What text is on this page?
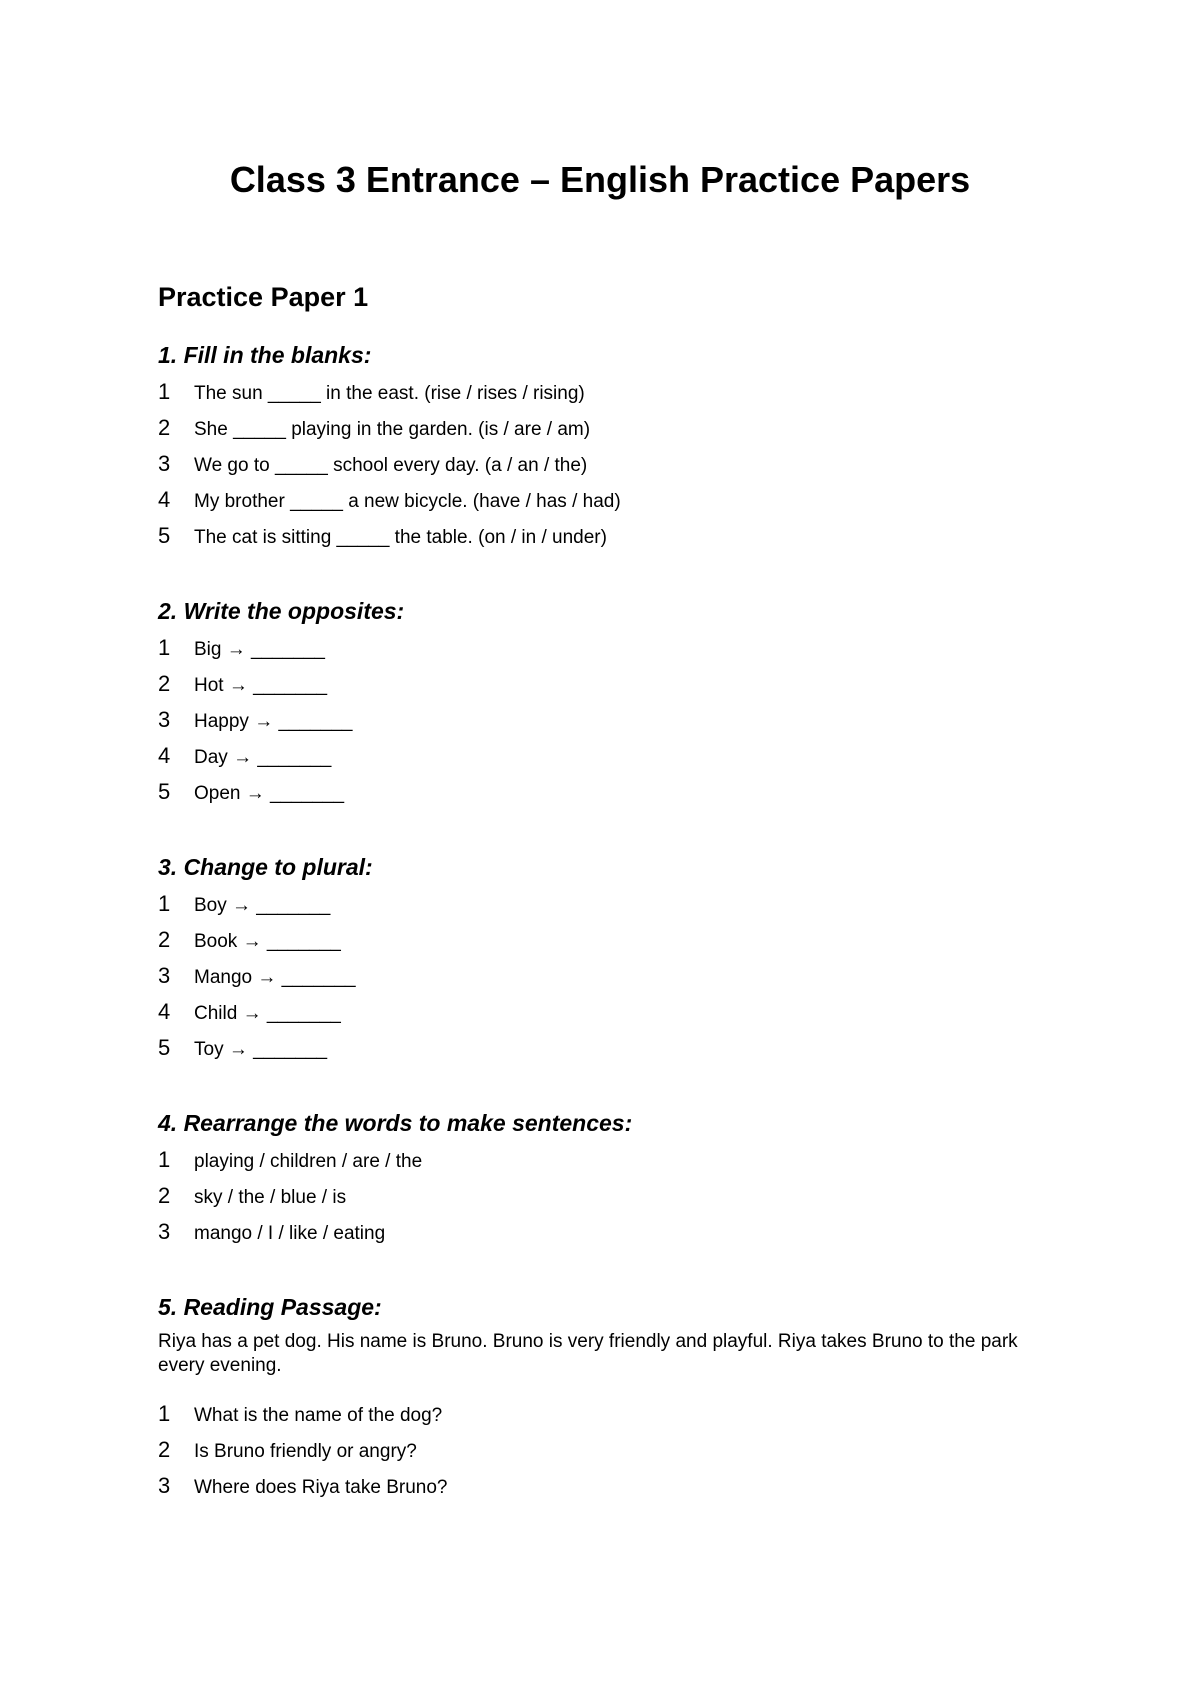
Class 3 Entrance – English Practice Papers
Practice Paper 1
1. Fill in the blanks:
1	The sun _____ in the east. (rise / rises / rising)
2	She _____ playing in the garden. (is / are / am)
3	We go to _____ school every day. (a / an / the)
4	My brother _____ a new bicycle. (have / has / had)
5	The cat is sitting _____ the table. (on / in / under)
2. Write the opposites:
1	Big → _______
2	Hot → _______
3	Happy → _______
4	Day → _______
5	Open → _______
3. Change to plural:
1	Boy → _______
2	Book → _______
3	Mango → _______
4	Child → _______
5	Toy → _______
4. Rearrange the words to make sentences:
1	playing / children / are / the
2	sky / the / blue / is
3	mango / I / like / eating
5. Reading Passage:

Riya has a pet dog. His name is Bruno. Bruno is very friendly and playful. Riya takes Bruno to the park every evening.

1	What is the name of the dog?
2	Is Bruno friendly or angry?
3	Where does Riya take Bruno?
